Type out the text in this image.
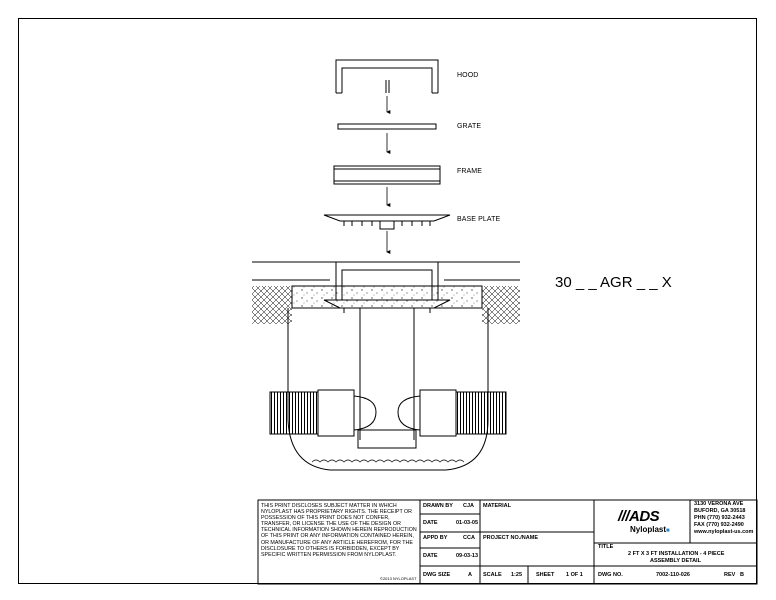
HOOD
GRATE
FRAME
BASE PLATE
30 _ _ AGR _ _ X
THIS PRINT DISCLOSES SUBJECT MATTER IN WHICH NYLOPLAST HAS PROPRIETARY RIGHTS. THE RECEIPT OR POSSESSION OF THIS PRINT DOES NOT CONFER, TRANSFER, OR LICENSE THE USE OF THE DESIGN OR TECHNICAL INFORMATION SHOWN HEREIN REPRODUCTION OF THIS PRINT OR ANY INFORMATION CONTAINED HEREIN, OR MANUFACTURE OF ANY ARTICLE HEREFROM, FOR THE DISCLOSURE TO OTHERS IS FORBIDDEN, EXCEPT BY SPECIFIC WRITTEN PERMISSION FROM NYLOPLAST.
©2013 NYLOPLAST
DRAWN BY CJA
DATE	01-03-05
APPD BY	CCA
DATE	09-03-13
DWG SIZE	A
MATERIAL
PROJECT NO./NAME
SCALE 1:25	SHEET 1 OF 1
///ADS
Nyloplast■
3130 VERONA AVE
BUFORD, GA 30518
PHN (770) 932-2443
FAX (770) 932-2490
www.nyloplast-us.com
TITLE
2 FT X 3 FT INSTALLATION - 4 PIECE
ASSEMBLY DETAIL
DWG NO.	7002-110-026	REV B
